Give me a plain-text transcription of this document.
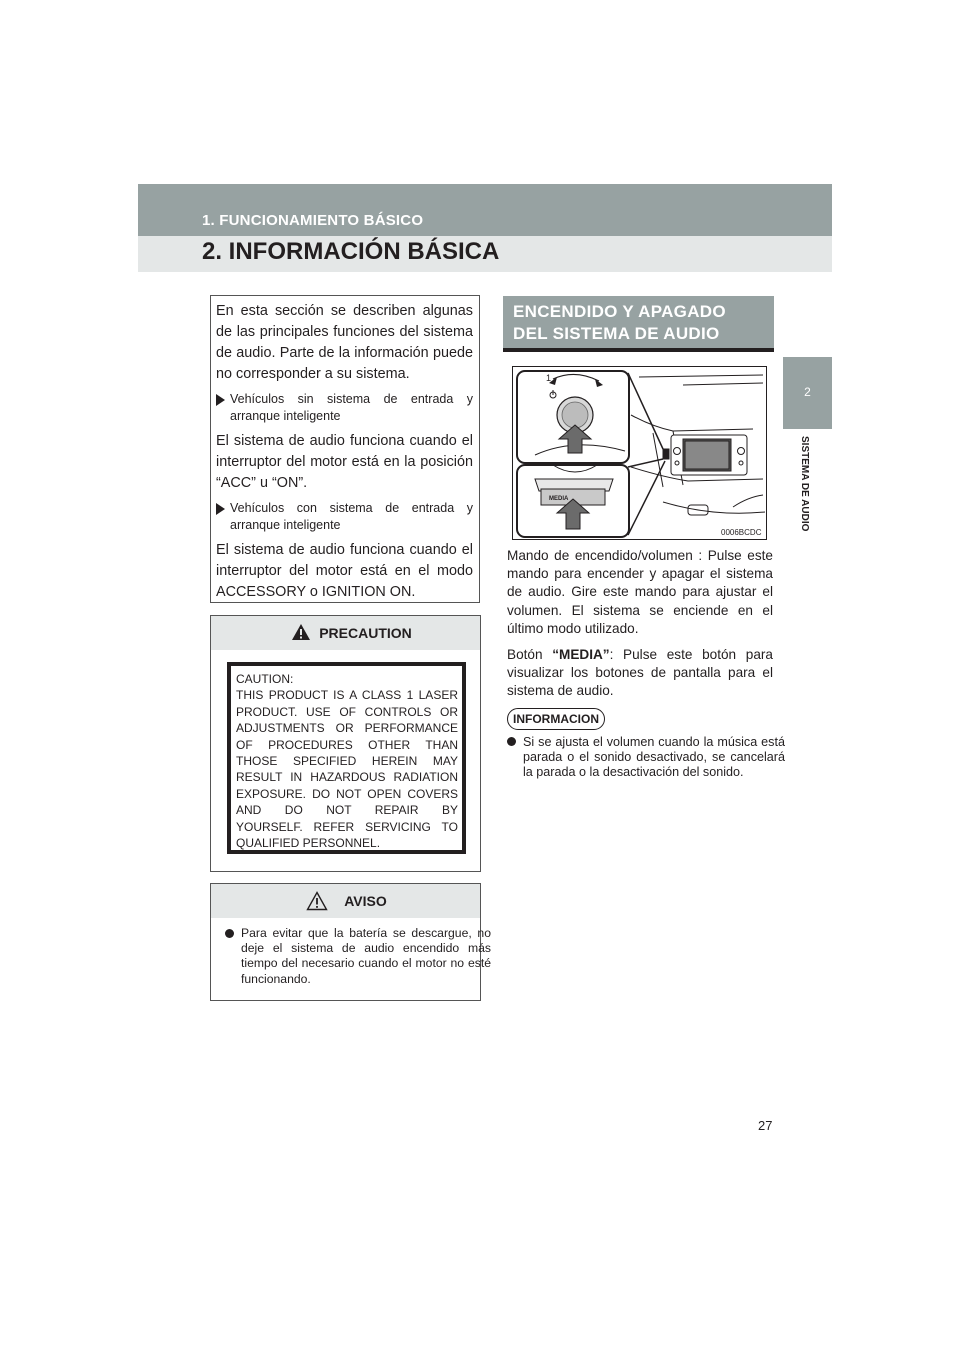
1. FUNCIONAMIENTO BÁSICO
2. INFORMACIÓN BÁSICA
2
SISTEMA DE AUDIO

En esta sección se describen algunas de las principales funciones del sistema de audio. Parte de la información puede no corresponder a su sistema.

Vehículos sin sistema de entrada y arranque inteligente

El sistema de audio funciona cuando el interruptor del motor está en la posición “ACC” u “ON”.

Vehículos con sistema de entrada y arranque inteligente

El sistema de audio funciona cuando el interruptor del motor está en el modo ACCESSORY o IGNITION ON.

PRECAUTION
CAUTION:
THIS PRODUCT IS A CLASS 1 LASER
PRODUCT. USE OF CONTROLS OR
ADJUSTMENTS OR PERFORMANCE
OF PROCEDURES OTHER THAN
THOSE SPECIFIED HEREIN MAY
RESULT IN HAZARDOUS RADIATION
EXPOSURE. DO NOT OPEN COVERS
AND DO NOT REPAIR BY
YOURSELF. REFER SERVICING TO
QUALIFIED PERSONNEL.
AVISO
Para evitar que la batería se descargue, no deje el sistema de audio encendido más tiempo del necesario cuando el motor no esté funcionando.
ENCENDIDO Y APAGADO
DEL SISTEMA DE AUDIO
1
MEDIA
0006BCDC

Mando de encendido/volumen : Pulse este mando para encender y apagar el sistema de audio. Gire este mando para ajustar el volumen. El sistema se enciende en el último modo utilizado.

Botón “MEDIA”: Pulse este botón para visualizar los botones de pantalla para el sistema de audio.

INFORMACION
Si se ajusta el volumen cuando la música está parada o el sonido desactivado, se cancelará la parada o la desactivación del sonido.
27
